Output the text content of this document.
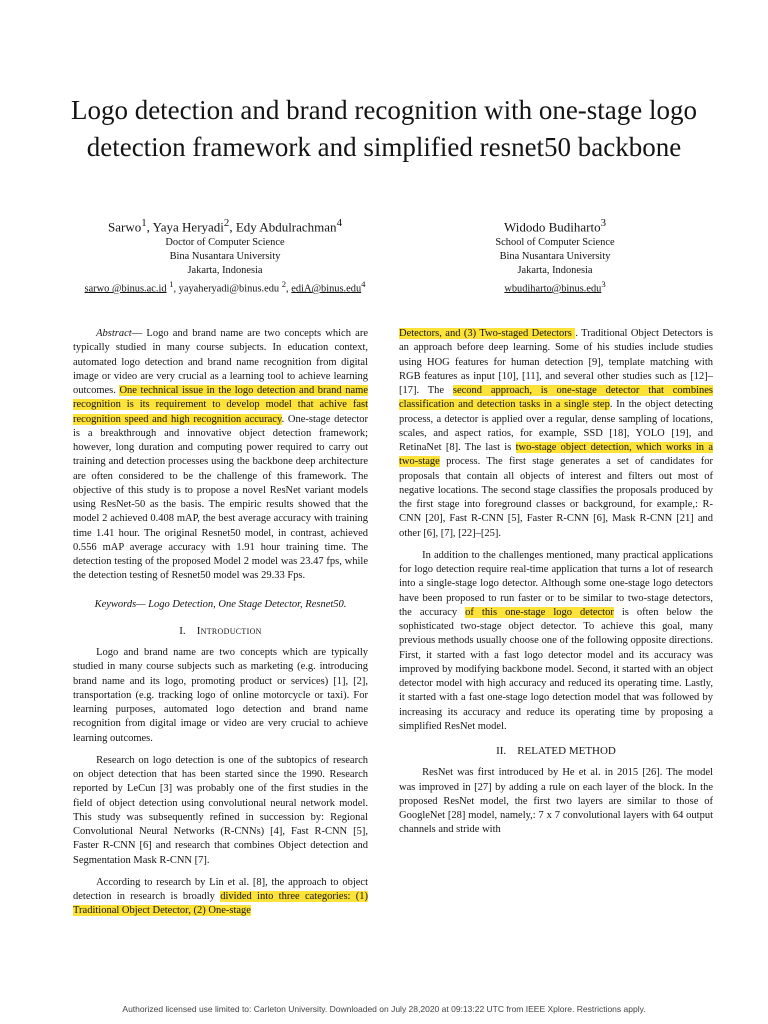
Logo detection and brand recognition with one-stage logo detection framework and simplified resnet50 backbone
Sarwo$^1$, Yaya Heryadi$^2$, Edy Abdulrachman$^4$
Doctor of Computer Science
Bina Nusantara University
Jakarta, Indonesia
sarwo @binus.ac.id $^1$, yayaheryadi@binus.edu $^2$, ediA@binus.edu$^4$
Widodo Budiharto$^3$
School of Computer Science
Bina Nusantara University
Jakarta, Indonesia
wbudiharto@binus.edu$^3$

Abstract— Logo and brand name are two concepts which are typically studied in many course subjects. In education context, automated logo detection and brand name recognition from digital image or video are very crucial as a learning tool to achieve learning outcomes. One technical issue in the logo detection and brand name recognition is its requirement to develop model that achive fast recognition speed and high recognition accuracy. One-stage detector is a breakthrough and innovative object detection framework; however, long duration and computing power required to carry out training and detection processes using the backbone deep architecture are often considered to be the challenge of this framework. The objective of this study is to propose a novel ResNet variant models using ResNet-50 as the basis. The empiric results showed that the model 2 achieved 0.408 mAP, the best average accuracy with training time 1.41 hour. The original Resnet50 model, in contrast, achieved 0.556 mAP average accuracy with 1.91 hour training time. The detection testing of the proposed Model 2 model was 23.47 fps, while the detection testing of Resnet50 model was 29.33 Fps.

Keywords— Logo Detection, One Stage Detector, Resnet50.

I. Introduction

Logo and brand name are two concepts which are typically studied in many course subjects such as marketing (e.g. introducing brand name and its logo, promoting product or services) [1], [2], transportation (e.g. tracking logo of online motorcycle or taxi). For learning purposes, automated logo detection and brand name recognition from digital image or video are very crucial to achieve learning outcomes.

Research on logo detection is one of the subtopics of research on object detection that has been started since the 1990. Research reported by LeCun [3] was probably one of the first studies in the field of object detection using convolutional neural network model. This study was subsequently refined in succession by: Regional Convolutional Neural Networks (R-CNNs) [4], Fast R-CNN [5], Faster R-CNN [6] and research that combines Object detection and Segmentation Mask R-CNN [7].

According to research by Lin et al. [8], the approach to object detection in research is broadly divided into three categories: (1) Traditional Object Detector, (2) One-stage

Detectors, and (3) Two-staged Detectors . Traditional Object Detectors is an approach before deep learning. Some of his studies include studies using HOG features for human detection [9], template matching with RGB features as input [10], [11], and several other studies such as [12]–[17]. The second approach, is one-stage detector that combines classification and detection tasks in a single step. In the object detecting process, a detector is applied over a regular, dense sampling of locations, scales, and aspect ratios, for example, SSD [18], YOLO [19], and RetinaNet [8]. The last is two-stage object detection, which works in a two-stage process. The first stage generates a set of candidates for proposals that contain all objects of interest and filters out most of negative locations. The second stage classifies the proposals produced by the first stage into foreground classes or background, for example,: R-CNN [20], Fast R-CNN [5], Faster R-CNN [6], Mask R-CNN [21] and other [6], [7], [22]–[25].

In addition to the challenges mentioned, many practical applications for logo detection require real-time application that turns a lot of research into a single-stage logo detector. Although some one-stage logo detectors have been proposed to run faster or to be similar to two-stage detectors, the accuracy of this one-stage logo detector is often below the sophisticated two-stage object detector. To achieve this goal, many previous methods usually choose one of the following opposite directions. First, it started with a fast logo detector model and its accuracy was improved by modifying backbone model. Second, it started with an object detector model with high accuracy and reduced its operating time. Lastly, it started with a fast one-stage logo detection model that was followed by increasing its accuracy and reduce its operating time by proposing a simplified ResNet model.

II. RELATED METHOD

ResNet was first introduced by He et al. in 2015 [26]. The model was improved in [27] by adding a rule on each layer of the block. In the proposed ResNet model, the first two layers are similar to those of GoogleNet [28] model, namely,: 7 x 7 convolutional layers with 64 output channels and stride with

Authorized licensed use limited to: Carleton University. Downloaded on July 28,2020 at 09:13:22 UTC from IEEE Xplore. Restrictions apply.
